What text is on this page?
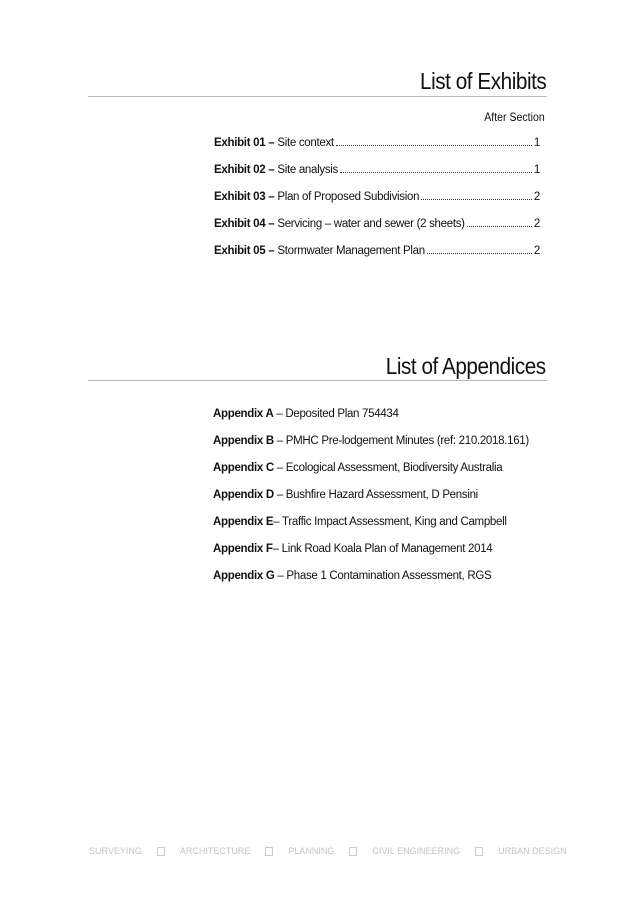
List of Exhibits
After Section
Exhibit 01 – Site context	1
Exhibit 02 – Site analysis	1
Exhibit 03 – Plan of Proposed Subdivision	2
Exhibit 04 – Servicing – water and sewer (2 sheets)	2
Exhibit 05 – Stormwater Management Plan	2
List of Appendices
Appendix A – Deposited Plan 754434
Appendix B – PMHC Pre-lodgement Minutes (ref: 210.2018.161)
Appendix C – Ecological Assessment, Biodiversity Australia
Appendix D – Bushfire Hazard Assessment, D Pensini
Appendix E– Traffic Impact Assessment, King and Campbell
Appendix F– Link Road Koala Plan of Management 2014
Appendix G – Phase 1 Contamination Assessment, RGS
SURVEYING	ARCHITECTURE	PLANNING	CIVIL ENGINEERING	URBAN DESIGN
